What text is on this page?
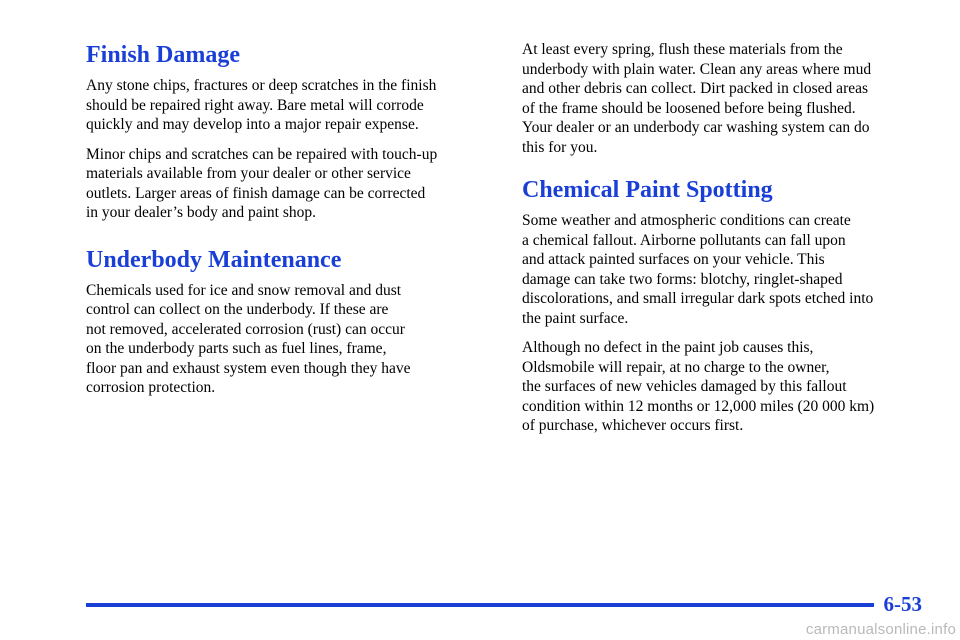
Finish Damage

Any stone chips, fractures or deep scratches in the finish
should be repaired right away. Bare metal will corrode
quickly and may develop into a major repair expense.

Minor chips and scratches can be repaired with touch‐up
materials available from your dealer or other service
outlets. Larger areas of finish damage can be corrected
in your dealer’s body and paint shop.

Underbody Maintenance

Chemicals used for ice and snow removal and dust
control can collect on the underbody. If these are
not removed, accelerated corrosion (rust) can occur
on the underbody parts such as fuel lines, frame,
floor pan and exhaust system even though they have
corrosion protection.

At least every spring, flush these materials from the
underbody with plain water. Clean any areas where mud
and other debris can collect. Dirt packed in closed areas
of the frame should be loosened before being flushed.
Your dealer or an underbody car washing system can do
this for you.

Chemical Paint Spotting

Some weather and atmospheric conditions can create
a chemical fallout. Airborne pollutants can fall upon
and attack painted surfaces on your vehicle. This
damage can take two forms: blotchy, ringlet‐shaped
discolorations, and small irregular dark spots etched into
the paint surface.

Although no defect in the paint job causes this,
Oldsmobile will repair, at no charge to the owner,
the surfaces of new vehicles damaged by this fallout
condition within 12 months or 12,000 miles (20 000 km)
of purchase, whichever occurs first.

6-53
carmanualsonline.info
